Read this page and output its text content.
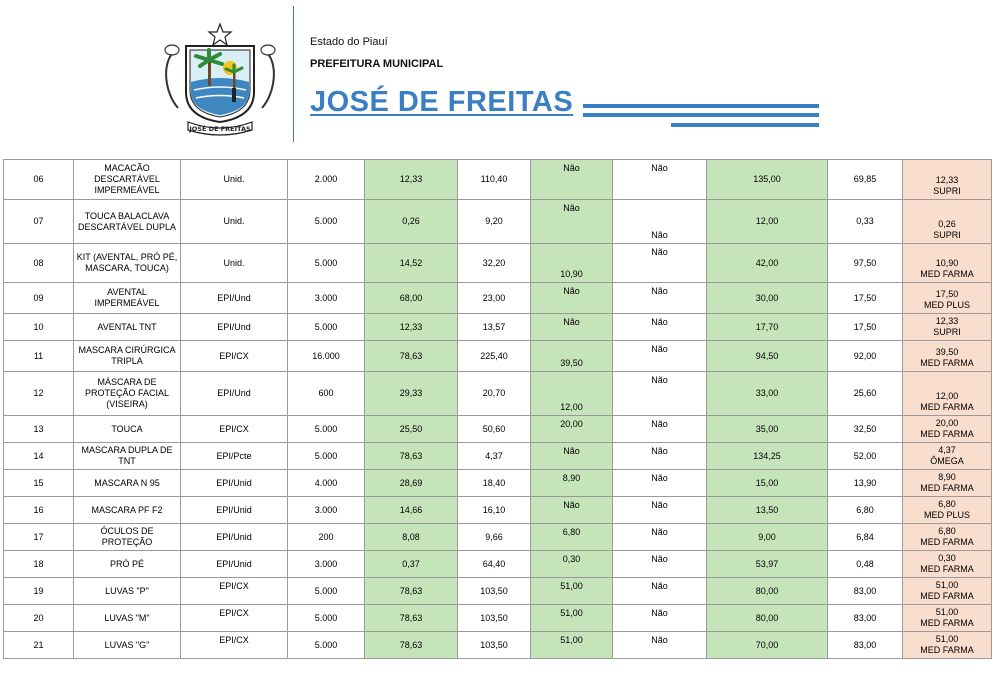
JOSÉ DE FREITAS
Estado do Piauí
PREFEITURA MUNICIPAL
JOSÉ DE FREITAS
06	MACACÃO DESCARTÁVEL IMPERMEÁVEL	Unid.	2.000	12,33	110,40	Não	Não	135,00	69,85	12,33
SUPRI

07	TOUCA BALACLAVA DESCARTÁVEL DUPLA	Unid.	5.000	0,26	9,20	Não	Não	12,00	0,33	0,26
SUPRI

08	KIT (AVENTAL, PRÓ PÉ, MASCARA, TOUCA)	Unid.	5.000	14,52	32,20	10,90	Não	42,00	97,50	10,90
MED FARMA

09	AVENTAL IMPERMEÁVEL	EPI/Und	3.000	68,00	23,00	Não	Não	30,00	17,50	17,50
MED PLUS

10	AVENTAL TNT	EPI/Und	5.000	12,33	13,57	Não	Não	17,70	17,50	12,33
SUPRI

11	MASCARA CIRÚRGICA TRIPLA	EPI/CX	16.000	78,63	225,40	39,50	Não	94,50	92,00	39,50
MED FARMA

12	MÁSCARA DE PROTEÇÃO FACIAL (VISEIRA)	EPI/Und	600	29,33	20,70	12,00	Não	33,00	25,60	12,00
MED FARMA

13	TOUCA	EPI/CX	5.000	25,50	50,60	20,00	Não	35,00	32,50	20,00
MED FARMA

14	MASCARA DUPLA DE TNT	EPI/Pcte	5.000	78,63	4,37	Não	Não	134,25	52,00	4,37
ÔMEGA

15	MASCARA N 95	EPI/Unid	4.000	28,69	18,40	8,90	Não	15,00	13,90	8,90
MED FARMA

16	MASCARA PF F2	EPI/Unid	3.000	14,66	16,10	Não	Não	13,50	6,80	6,80
MED PLUS

17	ÓCULOS DE PROTEÇÃO	EPI/Unid	200	8,08	9,66	6,80	Não	9,00	6,84	6,80
MED FARMA

18	PRÓ PÉ	EPI/Unid	3.000	0,37	64,40	0,30	Não	53,97	0,48	0,30
MED FARMA

19	LUVAS "P"	EPI/CX	5.000	78,63	103,50	51,00	Não	80,00	83,00	51,00
MED FARMA

20	LUVAS "M"	EPI/CX	5.000	78,63	103,50	51,00	Não	80,00	83,00	51,00
MED FARMA

21	LUVAS "G"	EPI/CX	5.000	78,63	103,50	51,00	Não	70,00	83,00	51,00
MED FARMA
